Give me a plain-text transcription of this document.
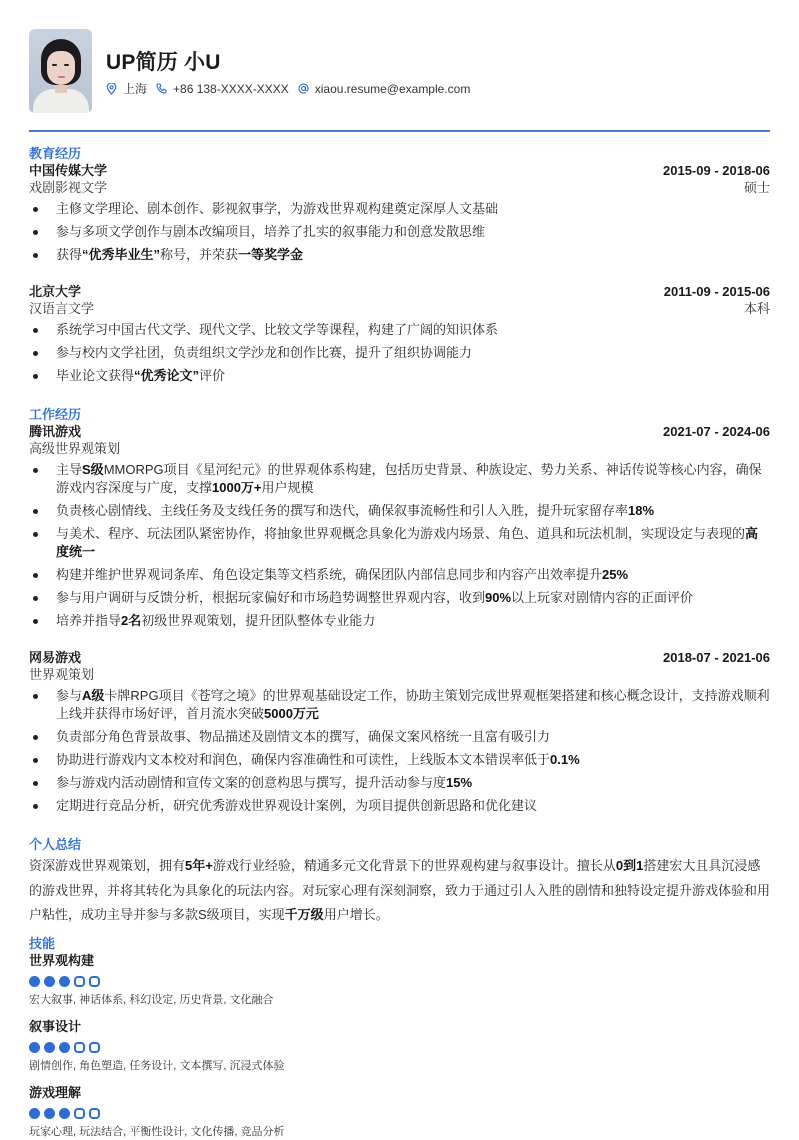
UP简历 小U
上海 +86 138-XXXX-XXXX xiaou.resume@example.com
教育经历
中国传媒大学	2015-09 - 2018-06
戏剧影视文学	硕士
主修文学理论、剧本创作、影视叙事学，为游戏世界观构建奠定深厚人文基础
参与多项文学创作与剧本改编项目，培养了扎实的叙事能力和创意发散思维
获得“优秀毕业生”称号，并荣获一等奖学金
北京大学	2011-09 - 2015-06
汉语言文学	本科
系统学习中国古代文学、现代文学、比较文学等课程，构建了广阔的知识体系
参与校内文学社团，负责组织文学沙龙和创作比赛，提升了组织协调能力
毕业论文获得“优秀论文”评价
工作经历
腾讯游戏	2021-07 - 2024-06
高级世界观策划
主导S级MMORPG项目《星河纪元》的世界观体系构建，包括历史背景、种族设定、势力关系、神话传说等核心内容，确保游戏内容深度与广度，支撑1000万+用户规模
负责核心剧情线、主线任务及支线任务的撰写和迭代，确保叙事流畅性和引人入胜，提升玩家留存率18%
与美术、程序、玩法团队紧密协作，将抽象世界观概念具象化为游戏内场景、角色、道具和玩法机制，实现设定与表现的高度统一
构建并维护世界观词条库、角色设定集等文档系统，确保团队内部信息同步和内容产出效率提升25%
参与用户调研与反馈分析，根据玩家偏好和市场趋势调整世界观内容，收到90%以上玩家对剧情内容的正面评价
培养并指导2名初级世界观策划，提升团队整体专业能力
网易游戏	2018-07 - 2021-06
世界观策划
参与A级卡牌RPG项目《苍穹之境》的世界观基础设定工作，协助主策划完成世界观框架搭建和核心概念设计，支持游戏顺利上线并获得市场好评，首月流水突破5000万元
负责部分角色背景故事、物品描述及剧情文本的撰写，确保文案风格统一且富有吸引力
协助进行游戏内文本校对和润色，确保内容准确性和可读性，上线版本文本错误率低于0.1%
参与游戏内活动剧情和宣传文案的创意构思与撰写，提升活动参与度15%
定期进行竞品分析，研究优秀游戏世界观设计案例，为项目提供创新思路和优化建议
个人总结
资深游戏世界观策划，拥有5年+游戏行业经验，精通多元文化背景下的世界观构建与叙事设计。擅长从0到1搭建宏大且具沉浸感的游戏世界，并将其转化为具象化的玩法内容。对玩家心理有深刻洞察，致力于通过引人入胜的剧情和独特设定提升游戏体验和用户粘性，成功主导并参与多款S级项目，实现千万级用户增长。
技能
世界观构建
宏大叙事, 神话体系, 科幻设定, 历史背景, 文化融合
叙事设计
剧情创作, 角色塑造, 任务设计, 文本撰写, 沉浸式体验
游戏理解
玩家心理, 玩法结合, 平衡性设计, 文化传播, 竞品分析
